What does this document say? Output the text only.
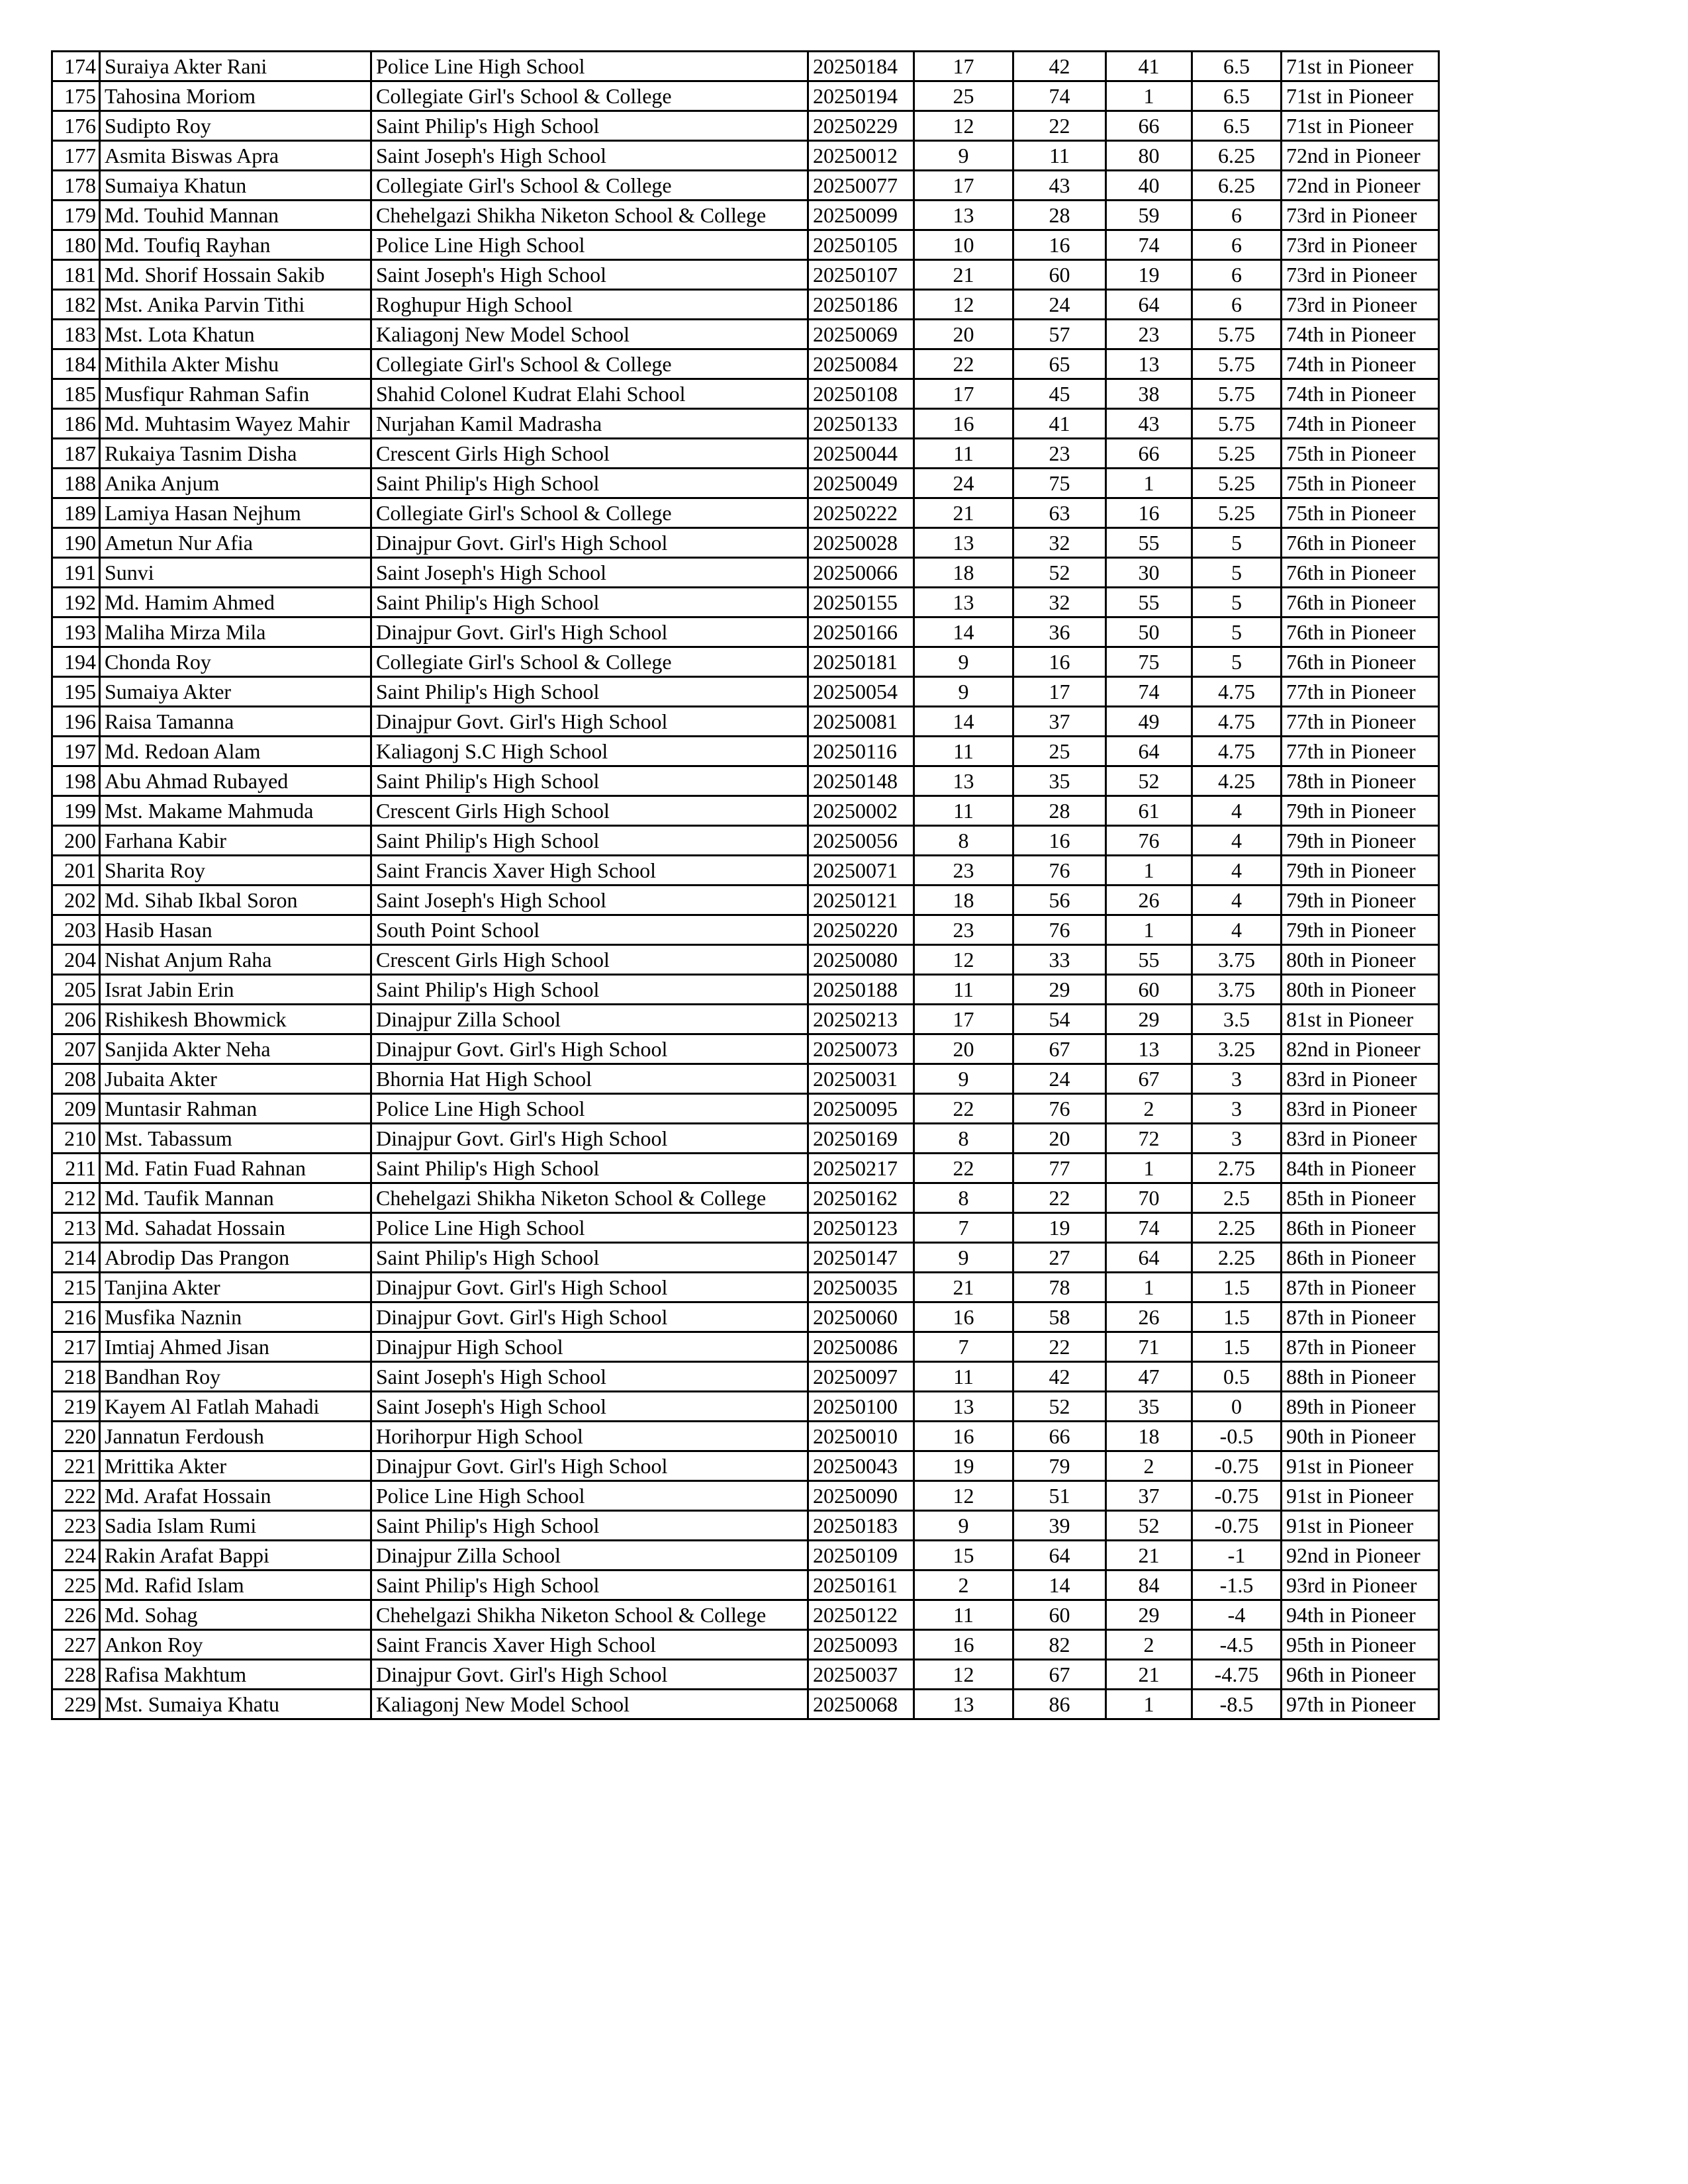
174	Suraiya Akter Rani	Police Line High School	20250184	17	42	41	6.5	71st in Pioneer
175	Tahosina Moriom	Collegiate Girl's School & College	20250194	25	74	1	6.5	71st in Pioneer
176	Sudipto Roy	Saint Philip's High School	20250229	12	22	66	6.5	71st in Pioneer
177	Asmita Biswas Apra	Saint Joseph's High School	20250012	9	11	80	6.25	72nd in Pioneer
178	Sumaiya Khatun	Collegiate Girl's School & College	20250077	17	43	40	6.25	72nd in Pioneer
179	Md. Touhid Mannan	Chehelgazi Shikha Niketon School & College	20250099	13	28	59	6	73rd in Pioneer
180	Md. Toufiq Rayhan	Police Line High School	20250105	10	16	74	6	73rd in Pioneer
181	Md. Shorif Hossain Sakib	Saint Joseph's High School	20250107	21	60	19	6	73rd in Pioneer
182	Mst. Anika Parvin Tithi	Roghupur High School	20250186	12	24	64	6	73rd in Pioneer
183	Mst. Lota Khatun	Kaliagonj New Model School	20250069	20	57	23	5.75	74th in Pioneer
184	Mithila Akter Mishu	Collegiate Girl's School & College	20250084	22	65	13	5.75	74th in Pioneer
185	Musfiqur Rahman Safin	Shahid Colonel Kudrat Elahi School	20250108	17	45	38	5.75	74th in Pioneer
186	Md. Muhtasim Wayez Mahir	Nurjahan Kamil Madrasha	20250133	16	41	43	5.75	74th in Pioneer
187	Rukaiya Tasnim Disha	Crescent Girls High School	20250044	11	23	66	5.25	75th in Pioneer
188	Anika Anjum	Saint Philip's High School	20250049	24	75	1	5.25	75th in Pioneer
189	Lamiya Hasan Nejhum	Collegiate Girl's School & College	20250222	21	63	16	5.25	75th in Pioneer
190	Ametun Nur Afia	Dinajpur Govt. Girl's High School	20250028	13	32	55	5	76th in Pioneer
191	Sunvi	Saint Joseph's High School	20250066	18	52	30	5	76th in Pioneer
192	Md. Hamim Ahmed	Saint Philip's High School	20250155	13	32	55	5	76th in Pioneer
193	Maliha Mirza Mila	Dinajpur Govt. Girl's High School	20250166	14	36	50	5	76th in Pioneer
194	Chonda Roy	Collegiate Girl's School & College	20250181	9	16	75	5	76th in Pioneer
195	Sumaiya Akter	Saint Philip's High School	20250054	9	17	74	4.75	77th in Pioneer
196	Raisa Tamanna	Dinajpur Govt. Girl's High School	20250081	14	37	49	4.75	77th in Pioneer
197	Md. Redoan Alam	Kaliagonj S.C High School	20250116	11	25	64	4.75	77th in Pioneer
198	Abu Ahmad Rubayed	Saint Philip's High School	20250148	13	35	52	4.25	78th in Pioneer
199	Mst. Makame Mahmuda	Crescent Girls High School	20250002	11	28	61	4	79th in Pioneer
200	Farhana Kabir	Saint Philip's High School	20250056	8	16	76	4	79th in Pioneer
201	Sharita Roy	Saint Francis Xaver High School	20250071	23	76	1	4	79th in Pioneer
202	Md. Sihab Ikbal Soron	Saint Joseph's High School	20250121	18	56	26	4	79th in Pioneer
203	Hasib Hasan	South Point School	20250220	23	76	1	4	79th in Pioneer
204	Nishat Anjum Raha	Crescent Girls High School	20250080	12	33	55	3.75	80th in Pioneer
205	Israt Jabin Erin	Saint Philip's High School	20250188	11	29	60	3.75	80th in Pioneer
206	Rishikesh Bhowmick	Dinajpur Zilla School	20250213	17	54	29	3.5	81st in Pioneer
207	Sanjida Akter Neha	Dinajpur Govt. Girl's High School	20250073	20	67	13	3.25	82nd in Pioneer
208	Jubaita Akter	Bhornia Hat High School	20250031	9	24	67	3	83rd in Pioneer
209	Muntasir Rahman	Police Line High School	20250095	22	76	2	3	83rd in Pioneer
210	Mst. Tabassum	Dinajpur Govt. Girl's High School	20250169	8	20	72	3	83rd in Pioneer
211	Md. Fatin Fuad Rahnan	Saint Philip's High School	20250217	22	77	1	2.75	84th in Pioneer
212	Md. Taufik Mannan	Chehelgazi Shikha Niketon School & College	20250162	8	22	70	2.5	85th in Pioneer
213	Md. Sahadat Hossain	Police Line High School	20250123	7	19	74	2.25	86th in Pioneer
214	Abrodip Das Prangon	Saint Philip's High School	20250147	9	27	64	2.25	86th in Pioneer
215	Tanjina Akter	Dinajpur Govt. Girl's High School	20250035	21	78	1	1.5	87th in Pioneer
216	Musfika Naznin	Dinajpur Govt. Girl's High School	20250060	16	58	26	1.5	87th in Pioneer
217	Imtiaj Ahmed Jisan	Dinajpur High School	20250086	7	22	71	1.5	87th in Pioneer
218	Bandhan Roy	Saint Joseph's High School	20250097	11	42	47	0.5	88th in Pioneer
219	Kayem Al Fatlah Mahadi	Saint Joseph's High School	20250100	13	52	35	0	89th in Pioneer
220	Jannatun Ferdoush	Horihorpur High School	20250010	16	66	18	-0.5	90th in Pioneer
221	Mrittika Akter	Dinajpur Govt. Girl's High School	20250043	19	79	2	-0.75	91st in Pioneer
222	Md. Arafat Hossain	Police Line High School	20250090	12	51	37	-0.75	91st in Pioneer
223	Sadia Islam Rumi	Saint Philip's High School	20250183	9	39	52	-0.75	91st in Pioneer
224	Rakin Arafat Bappi	Dinajpur Zilla School	20250109	15	64	21	-1	92nd in Pioneer
225	Md. Rafid Islam	Saint Philip's High School	20250161	2	14	84	-1.5	93rd in Pioneer
226	Md. Sohag	Chehelgazi Shikha Niketon School & College	20250122	11	60	29	-4	94th in Pioneer
227	Ankon Roy	Saint Francis Xaver High School	20250093	16	82	2	-4.5	95th in Pioneer
228	Rafisa Makhtum	Dinajpur Govt. Girl's High School	20250037	12	67	21	-4.75	96th in Pioneer
229	Mst. Sumaiya Khatu	Kaliagonj New Model School	20250068	13	86	1	-8.5	97th in Pioneer
